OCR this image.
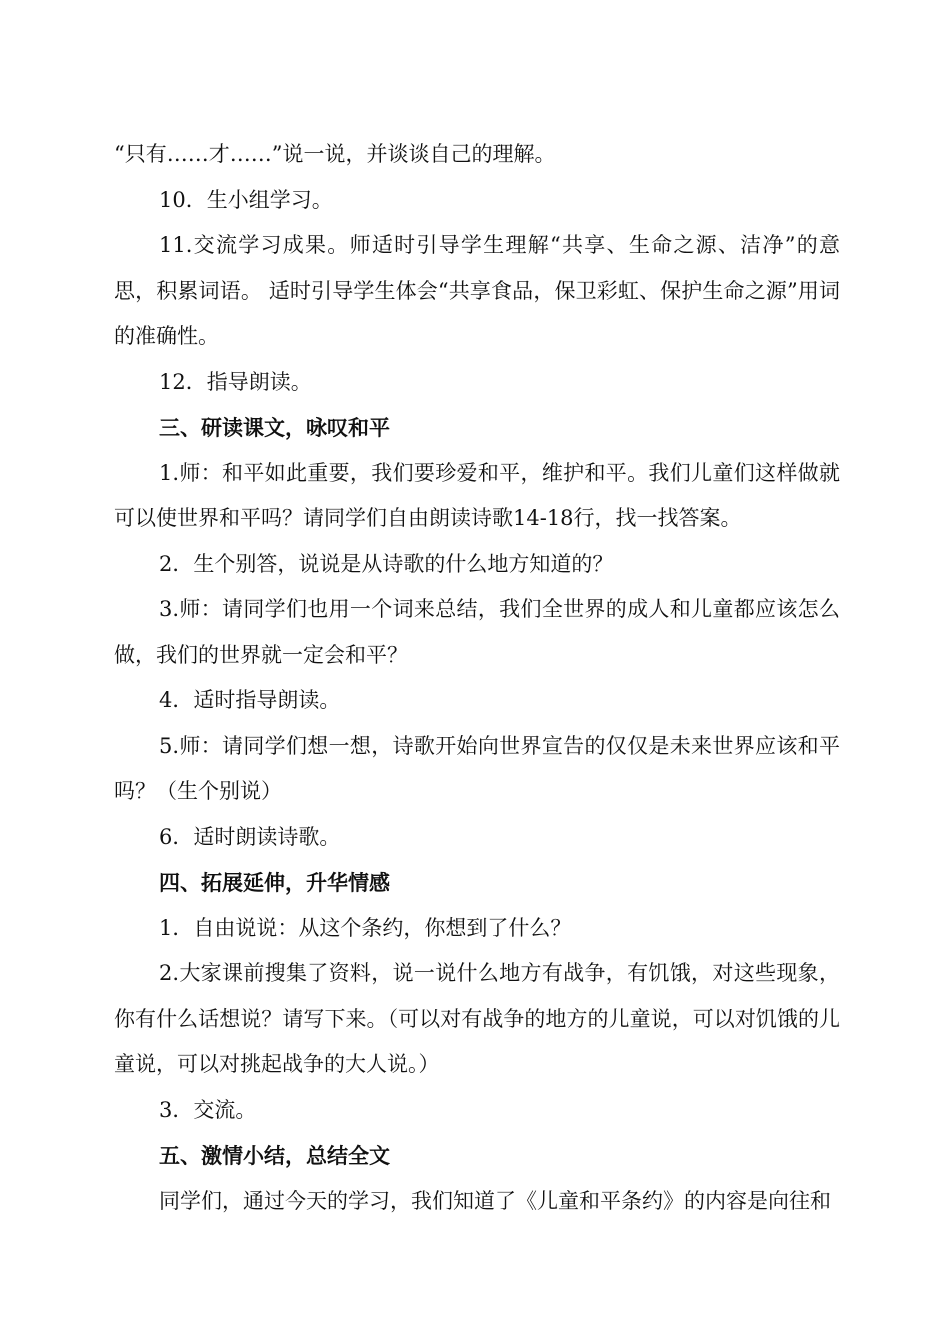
“只有……才……”说一说，并谈谈自己的理解。

10．生小组学习。

11.交流学习成果。师适时引导学生理解“共享、生命之源、洁净”的意思，积累词语。 适时引导学生体会“共享食品，保卫彩虹、保护生命之源”用词的准确性。

12．指导朗读。

三、研读课文，咏叹和平

1.师：和平如此重要，我们要珍爱和平，维护和平。我们儿童们这样做就可以使世界和平吗？请同学们自由朗读诗歌14-18行，找一找答案。

2．生个别答，说说是从诗歌的什么地方知道的？

3.师：请同学们也用一个词来总结，我们全世界的成人和儿童都应该怎么做，我们的世界就一定会和平？

4．适时指导朗读。

5.师：请同学们想一想，诗歌开始向世界宣告的仅仅是未来世界应该和平吗？（生个别说）

6．适时朗读诗歌。

四、拓展延伸，升华情感

1．自由说说：从这个条约，你想到了什么？

2.大家课前搜集了资料，说一说什么地方有战争，有饥饿，对这些现象，你有什么话想说？请写下来。（可以对有战争的地方的儿童说，可以对饥饿的儿童说，可以对挑起战争的大人说。）

3．交流。

五、激情小结，总结全文

同学们，通过今天的学习，我们知道了《儿童和平条约》的内容是向往和
